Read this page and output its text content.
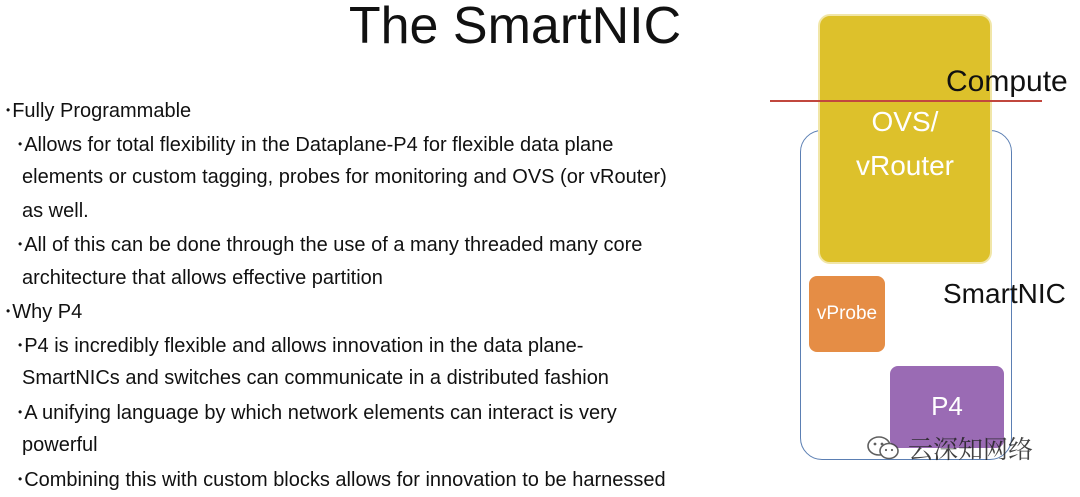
The SmartNIC
• Fully Programmable
• Allows for total flexibility in the Dataplane-P4 for flexible data plane
elements or custom tagging, probes for monitoring and OVS (or vRouter)
as well.
• All of this can be done through the use of a many threaded many core
architecture that allows effective partition
• Why P4
• P4 is incredibly flexible and allows innovation in the data plane-
SmartNICs and switches can communicate in a distributed fashion
• A unifying language by which network elements can interact is very
powerful
• Combining this with custom blocks allows for innovation to be harnessed
Compute
OVS/
vRouter
SmartNIC
vProbe
P4
云深知网络
